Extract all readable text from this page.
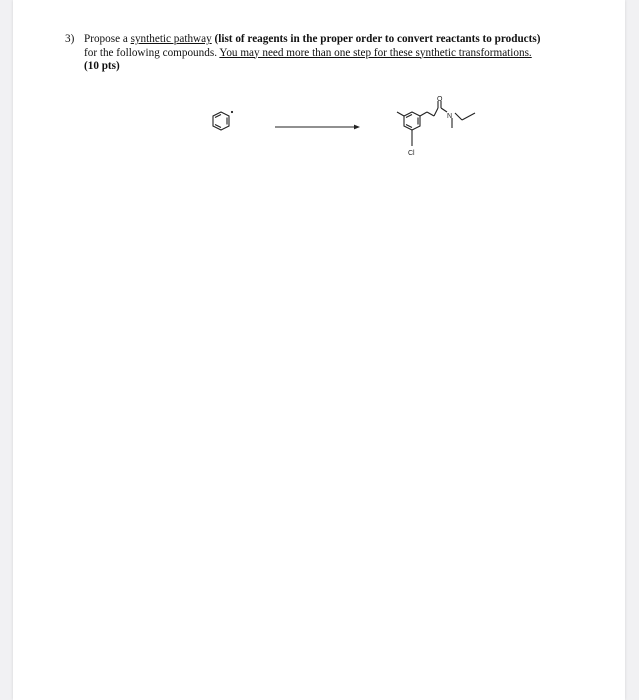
3) Propose a synthetic pathway (list of reagents in the proper order to convert reactants to products)
for the following compounds. You may need more than one step for these synthetic transformations.
(10 pts)
O
N
Cl
